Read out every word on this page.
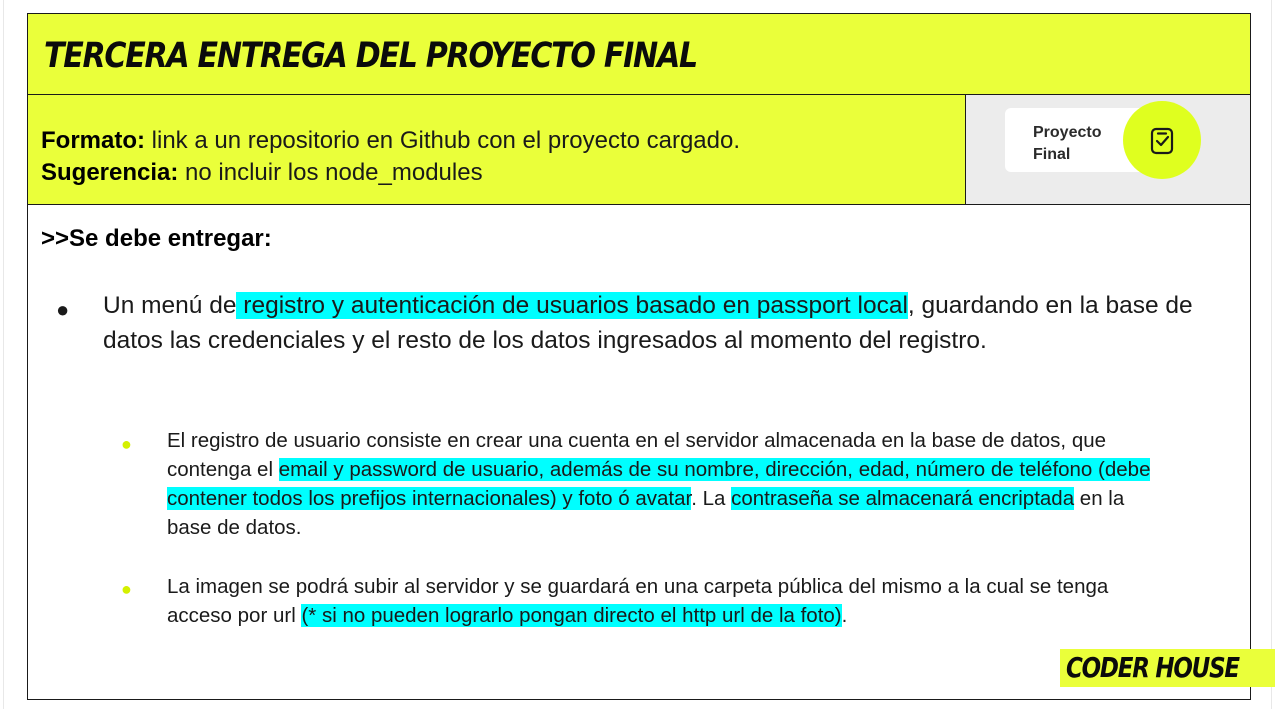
TERCERA ENTREGA DEL PROYECTO FINAL
Formato: link a un repositorio en Github con el proyecto cargado.
Sugerencia: no incluir los node_modules
Proyecto
Final
>>Se debe entregar:
● Un menú de registro y autenticación de usuarios basado en passport local, guardando en la base de datos las credenciales y el resto de los datos ingresados al momento del registro.
● El registro de usuario consiste en crear una cuenta en el servidor almacenada en la base de datos, que contenga el email y password de usuario, además de su nombre, dirección, edad, número de teléfono (debe contener todos los prefijos internacionales) y foto ó avatar. La contraseña se almacenará encriptada en la base de datos.
● La imagen se podrá subir al servidor y se guardará en una carpeta pública del mismo a la cual se tenga acceso por url (* si no pueden lograrlo pongan directo el http url de la foto).
CODER HOUSE
